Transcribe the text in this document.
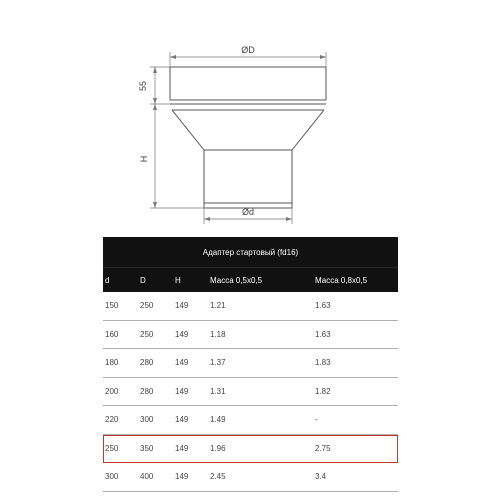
ØD
Ød
55
H
Адаптер стартовый (fd16)
d	D	H	Масса 0,5х0,5	Масса 0,8х0,5
150	250	149	1.21	1.63
160	250	149	1.18	1.63
180	280	149	1.37	1.83
200	280	149	1.31	1.82
220	300	149	1.49	-
250	350	149	1.96	2.75
300	400	149	2.45	3.4
